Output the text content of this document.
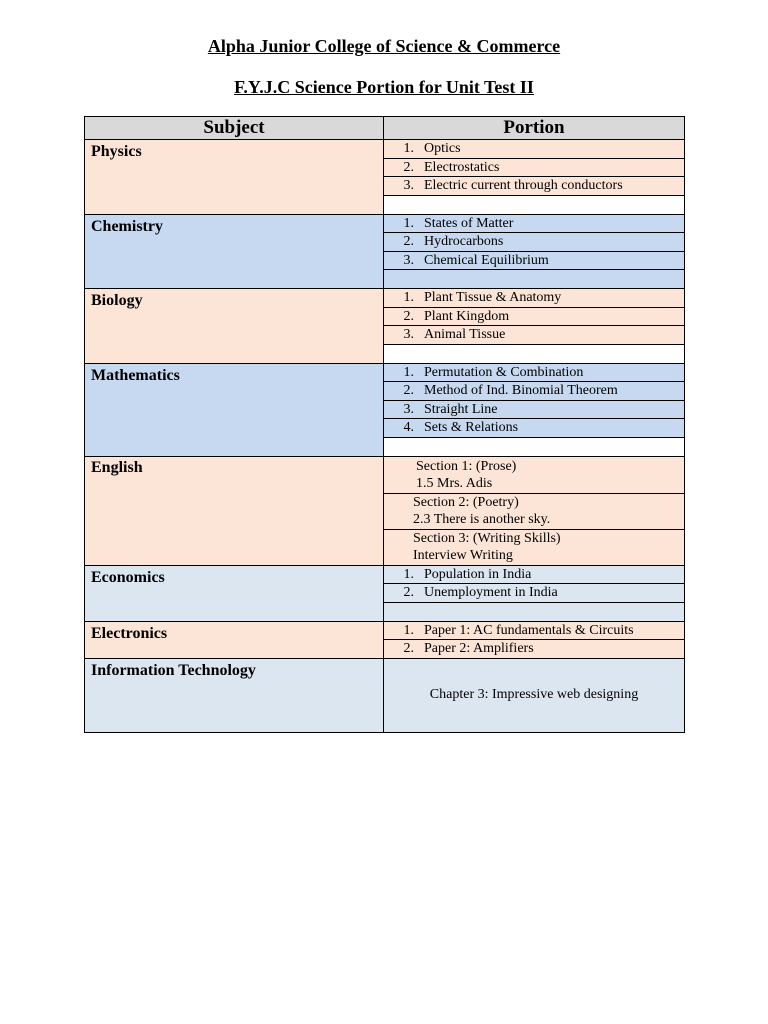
Alpha Junior College of Science & Commerce
F.Y.J.C Science Portion for Unit Test II
Subject	Portion
Physics		1. Optics
2. Electrostatics
3. Electric current through conductors

Chemistry		1. States of Matter
2. Hydrocarbons
3. Chemical Equilibrium

Biology		1. Plant Tissue & Anatomy
2. Plant Kingdom
3. Animal Tissue

Mathematics		1. Permutation & Combination
2. Method of Ind. Binomial Theorem
3. Straight Line
4. Sets & Relations

English	Section 1: (Prose)
1.5 Mrs. Adis
Section 2: (Poetry)
2.3 There is another sky.
Section 3: (Writing Skills)
Interview Writing

Economics		1. Population in India
2. Unemployment in India

Electronics		1. Paper 1: AC fundamentals & Circuits
2. Paper 2: Amplifiers

Information Technology	Chapter 3: Impressive web designing
